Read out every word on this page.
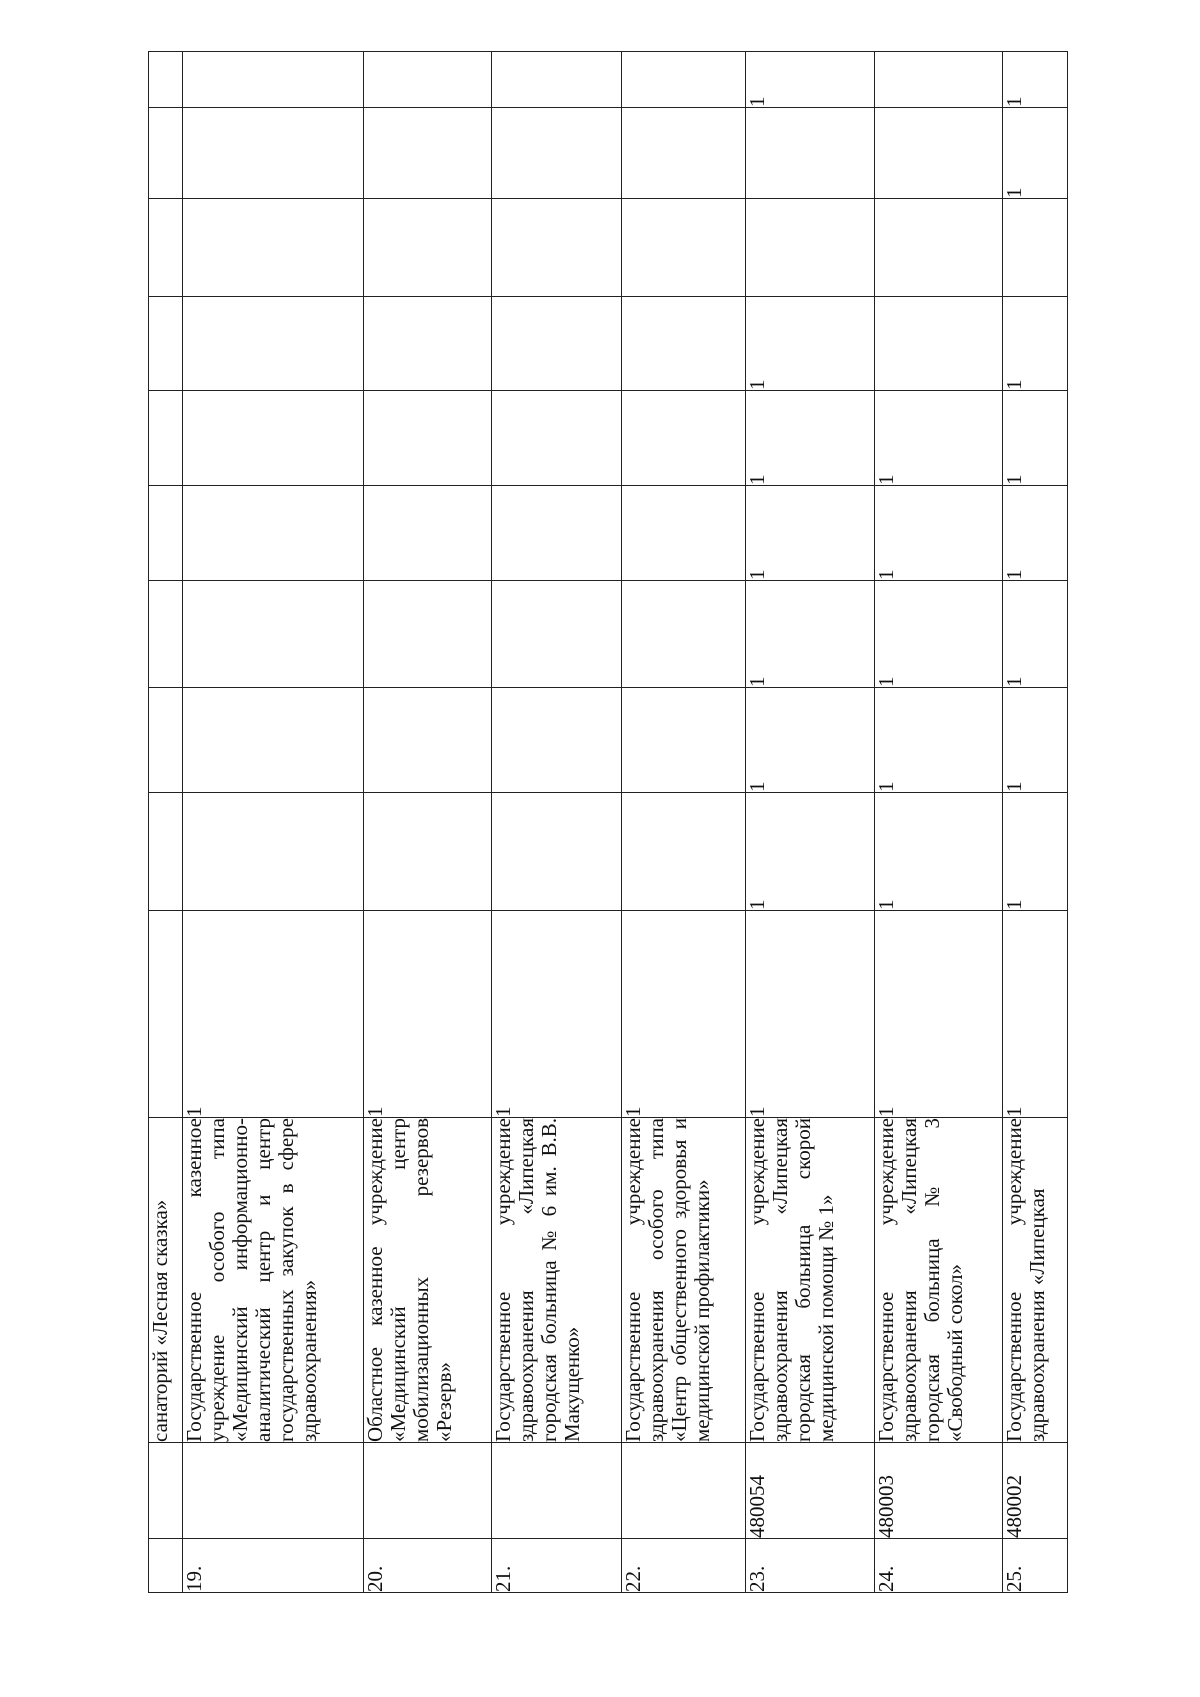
		санаторий «Лесная сказка»										
19.		Государственное казенное учреждение особого типа «Медицинский информационно-аналитический центр и центр государственных закупок в сфере здравоохранения»	1									
20.		Областное казенное учреждение «Медицинский центр мобилизационных резервов «Резерв»	1									
21.		Государственное учреждение здравоохранения «Липецкая городская больница № 6 им. В.В. Макущенко»	1									
22.		Государственное учреждение здравоохранения особого типа «Центр общественного здоровья и медицинской профилактики»	1									
23.	480054	Государственное учреждение здравоохранения «Липецкая городская больница скорой медицинской помощи № 1»	1	1	1	1	1	1	1			1
24.	480003	Государственное учреждение здравоохранения «Липецкая городская больница № 3 «Свободный сокол»	1	1	1	1	1	1				
25.	480002	Государственное учреждение здравоохранения «Липецкая	1	1	1	1	1	1	1		1	1
